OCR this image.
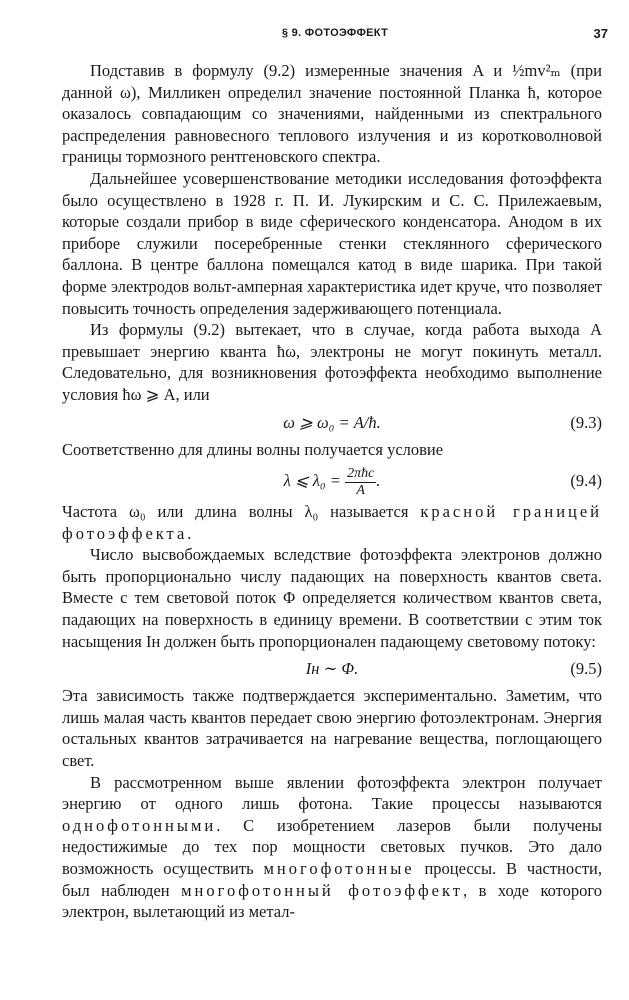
§ 9. ФОТОЭФФЕКТ	37

Подставив в формулу (9.2) измеренные значения A и ½mv²ₘ (при данной ω), Милликен определил значение постоянной Планка ħ, которое оказалось совпадающим со значениями, найденными из спектрального распределения равновесного теплового излучения и из коротковолновой границы тормозного рентгеновского спектра.

Дальнейшее усовершенствование методики исследования фотоэффекта было осуществлено в 1928 г. П. И. Лукирским и С. С. Прилежаевым, которые создали прибор в виде сферического конденсатора. Анодом в их приборе служили посеребренные стенки стеклянного сферического баллона. В центре баллона помещался катод в виде шарика. При такой форме электродов вольт-амперная характеристика идет круче, что позволяет повысить точность определения задерживающего потенциала.

Из формулы (9.2) вытекает, что в случае, когда работа выхода A превышает энергию кванта ħω, электроны не могут покинуть металл. Следовательно, для возникновения фотоэффекта необходимо выполнение условия ħω ⩾ A, или

ω ⩾ ω₀ = A/ħ.	(9.3)

Соответственно для длины волны получается условие

λ ⩽ $\lambda_0 = \frac{\text{2πħc}}{A}$ .	(9.4)

Частота ω₀ или длина волны λ₀ называется красной границей фотоэффекта.

Число высвобождаемых вследствие фотоэффекта электронов должно быть пропорционально числу падающих на поверхность квантов света. Вместе с тем световой поток Φ определяется количеством квантов света, падающих на поверхность в единицу времени. В соответствии с этим ток насыщения Iн должен быть пропорционален падающему световому потоку:

Iн ∼ Φ.	(9.5)

Эта зависимость также подтверждается экспериментально. Заметим, что лишь малая часть квантов передает свою энергию фотоэлектронам. Энергия остальных квантов затрачивается на нагревание вещества, поглощающего свет.

В рассмотренном выше явлении фотоэффекта электрон получает энергию от одного лишь фотона. Такие процессы называются однофотонными. С изобретением лазеров были получены недостижимые до тех пор мощности световых пучков. Это дало возможность осуществить многофотонные процессы. В частности, был наблюден многофотонный фотоэффект, в ходе которого электрон, вылетающий из метал-
